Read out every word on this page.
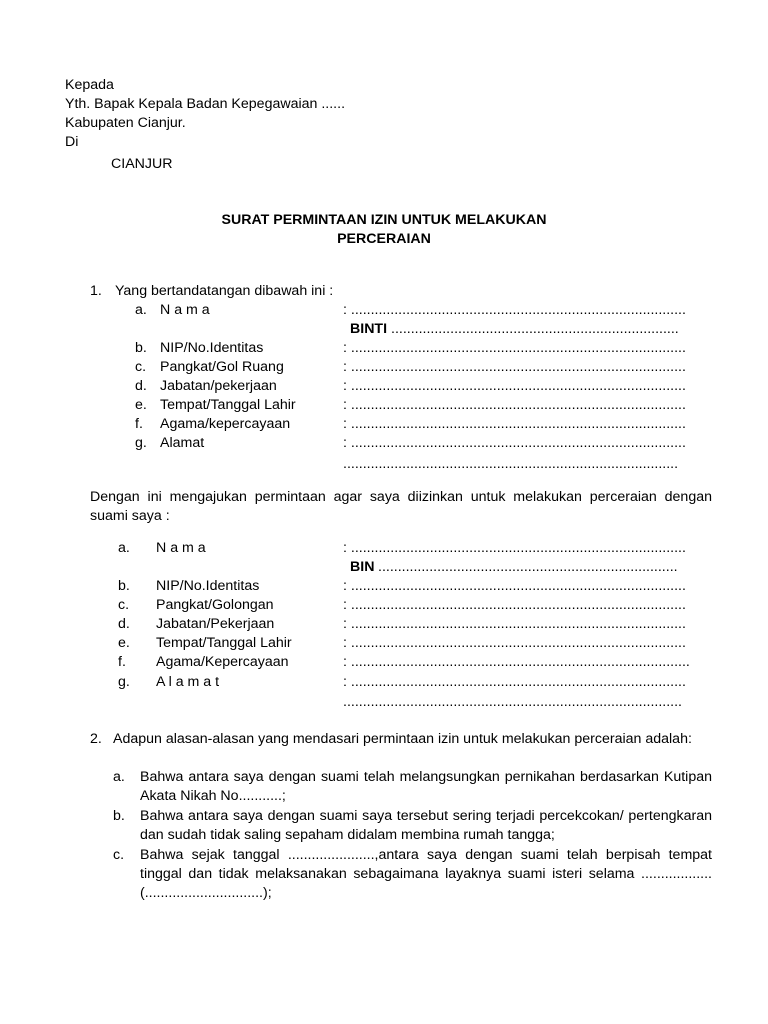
Kepada
Yth. Bapak Kepala Badan Kepegawaian ......
Kabupaten Cianjur.
Di
CIANJUR
SURAT PERMINTAAN IZIN UNTUK MELAKUKAN
PERCERAIAN
1. Yang bertandatangan dibawah ini :
a. N a m a	: .....................................................................................
BINTI .........................................................................
b. NIP/No.Identitas	: .....................................................................................
c. Pangkat/Gol Ruang	: .....................................................................................
d. Jabatan/pekerjaan	: .....................................................................................
e. Tempat/Tanggal Lahir	: .....................................................................................
f. Agama/kepercayaan	: .....................................................................................
g. Alamat	: .....................................................................................
.....................................................................................
Dengan ini mengajukan permintaan agar saya diizinkan untuk melakukan perceraian dengan suami saya :
a. N a m a	: .....................................................................................
BIN ............................................................................
b. NIP/No.Identitas	: .....................................................................................
c. Pangkat/Golongan	: .....................................................................................
d. Jabatan/Pekerjaan	: .....................................................................................
e. Tempat/Tanggal Lahir	: .....................................................................................
f. Agama/Kepercayaan	: ......................................................................................
g. A l a m a t	: .....................................................................................
......................................................................................
2. Adapun alasan-alasan yang mendasari permintaan izin untuk melakukan perceraian adalah:
a. Bahwa antara saya dengan suami telah melangsungkan pernikahan berdasarkan Kutipan Akata Nikah No...........;
b. Bahwa antara saya dengan suami saya tersebut sering terjadi percekcokan/ pertengkaran dan sudah tidak saling sepaham didalam membina rumah tangga;
c. Bahwa sejak tanggal ......................,antara saya dengan suami telah berpisah tempat tinggal dan tidak melaksanakan sebagaimana layaknya suami isteri selama ..................(..............................);
